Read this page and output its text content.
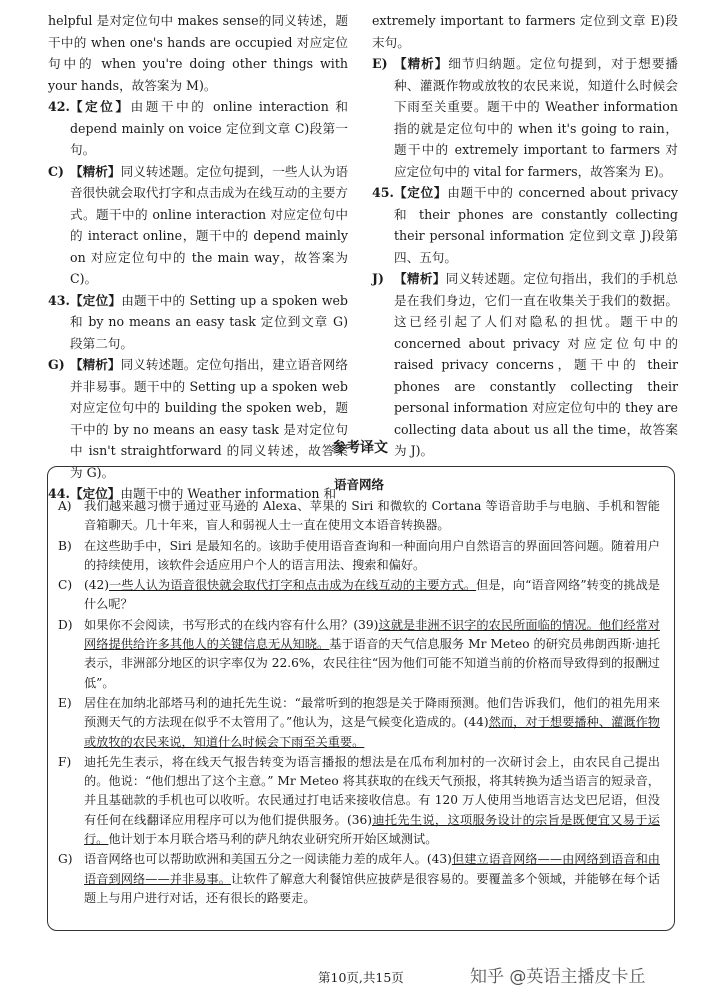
helpful 是对定位句中 makes sense的同义转述，题干中的 when one's hands are occupied 对应定位句中的 when you're doing other things with your hands，故答案为 M)。
42. 【定位】由题干中的 online interaction 和 depend mainly on voice 定位到文章 C)段第一句。
C) 【精析】同义转述题。定位句提到，一些人认为语音很快就会取代打字和点击成为在线互动的主要方式。题干中的 online interaction 对应定位句中的 interact online，题干中的 depend mainly on 对应定位句中的 the main way，故答案为 C)。
43. 【定位】由题干中的 Setting up a spoken web 和 by no means an easy task 定位到文章 G)段第二句。
G) 【精析】同义转述题。定位句指出，建立语音网络并非易事。题干中的 Setting up a spoken web 对应定位句中的 building the spoken web，题干中的 by no means an easy task 是对定位句中 isn't straightforward 的同义转述，故答案为 G)。
44. 【定位】由题干中的 Weather information 和
extremely important to farmers 定位到文章 E)段末句。
E) 【精析】细节归纳题。定位句提到，对于想要播种、灌溉作物或放牧的农民来说，知道什么时候会下雨至关重要。题干中的 Weather information 指的就是定位句中的 when it's going to rain，题干中的 extremely important to farmers 对应定位句中的 vital for farmers，故答案为 E)。
45. 【定位】由题干中的 concerned about privacy 和 their phones are constantly collecting their personal information 定位到文章 J)段第四、五句。
J) 【精析】同义转述题。定位句指出，我们的手机总是在我们身边，它们一直在收集关于我们的数据。这已经引起了人们对隐私的担忧。题干中的 concerned about privacy 对应定位句中的 raised privacy concerns，题干中的 their phones are constantly collecting their personal information 对应定位句中的 they are collecting data about us all the time，故答案为 J)。
参考译文
语音网络
A) 我们越来越习惯于通过亚马逊的 Alexa、苹果的 Siri 和微软的 Cortana 等语音助手与电脑、手机和智能音箱聊天。几十年来，盲人和弱视人士一直在使用文本语音转换器。
B) 在这些助手中，Siri 是最知名的。该助手使用语音查询和一种面向用户自然语言的界面回答问题。随着用户的持续使用，该软件会适应用户个人的语言用法、搜索和偏好。
C) (42)一些人认为语音很快就会取代打字和点击成为在线互动的主要方式。但是，向“语音网络”转变的挑战是什么呢？
D) 如果你不会阅读，书写形式的在线内容有什么用？(39)这就是非洲不识字的农民所面临的情况。他们经常对网络提供给许多其他人的关键信息无从知晓。基于语音的天气信息服务 Mr Meteo 的研究员弗朗西斯·迪托表示，非洲部分地区的识字率仅为 22.6%，农民往往“因为他们可能不知道当前的价格而导致得到的报酬过低”。
E) 居住在加纳北部塔马利的迪托先生说：“最常听到的抱怨是关于降雨预测。他们告诉我们，他们的祖先用来预测天气的方法现在似乎不太管用了。”他认为，这是气候变化造成的。(44)然而，对于想要播种、灌溉作物或放牧的农民来说，知道什么时候会下雨至关重要。
F) 迪托先生表示，将在线天气报告转变为语言播报的想法是在瓜布利加村的一次研讨会上，由农民自己提出的。他说：“他们想出了这个主意。” Mr Meteo 将其获取的在线天气预报，将其转换为适当语言的短录音，并且基础款的手机也可以收听。农民通过打电话来接收信息。有 120 万人使用当地语言达戈巴尼语，但没有任何在线翻译应用程序可以为他们提供服务。(36)迪托先生说，这项服务设计的宗旨是既便宜又易于运行。他计划于本月联合塔马利的萨凡纳农业研究所开始区域测试。
G) 语音网络也可以帮助欧洲和美国五分之一阅读能力差的成年人。(43)但建立语音网络——由网络到语音和由语音到网络——并非易事。让软件了解意大利餐馆供应披萨是很容易的。要覆盖多个领域，并能够在每个话题上与用户进行对话，还有很长的路要走。
第10页,共15页	知乎 @英语主播皮卡丘
